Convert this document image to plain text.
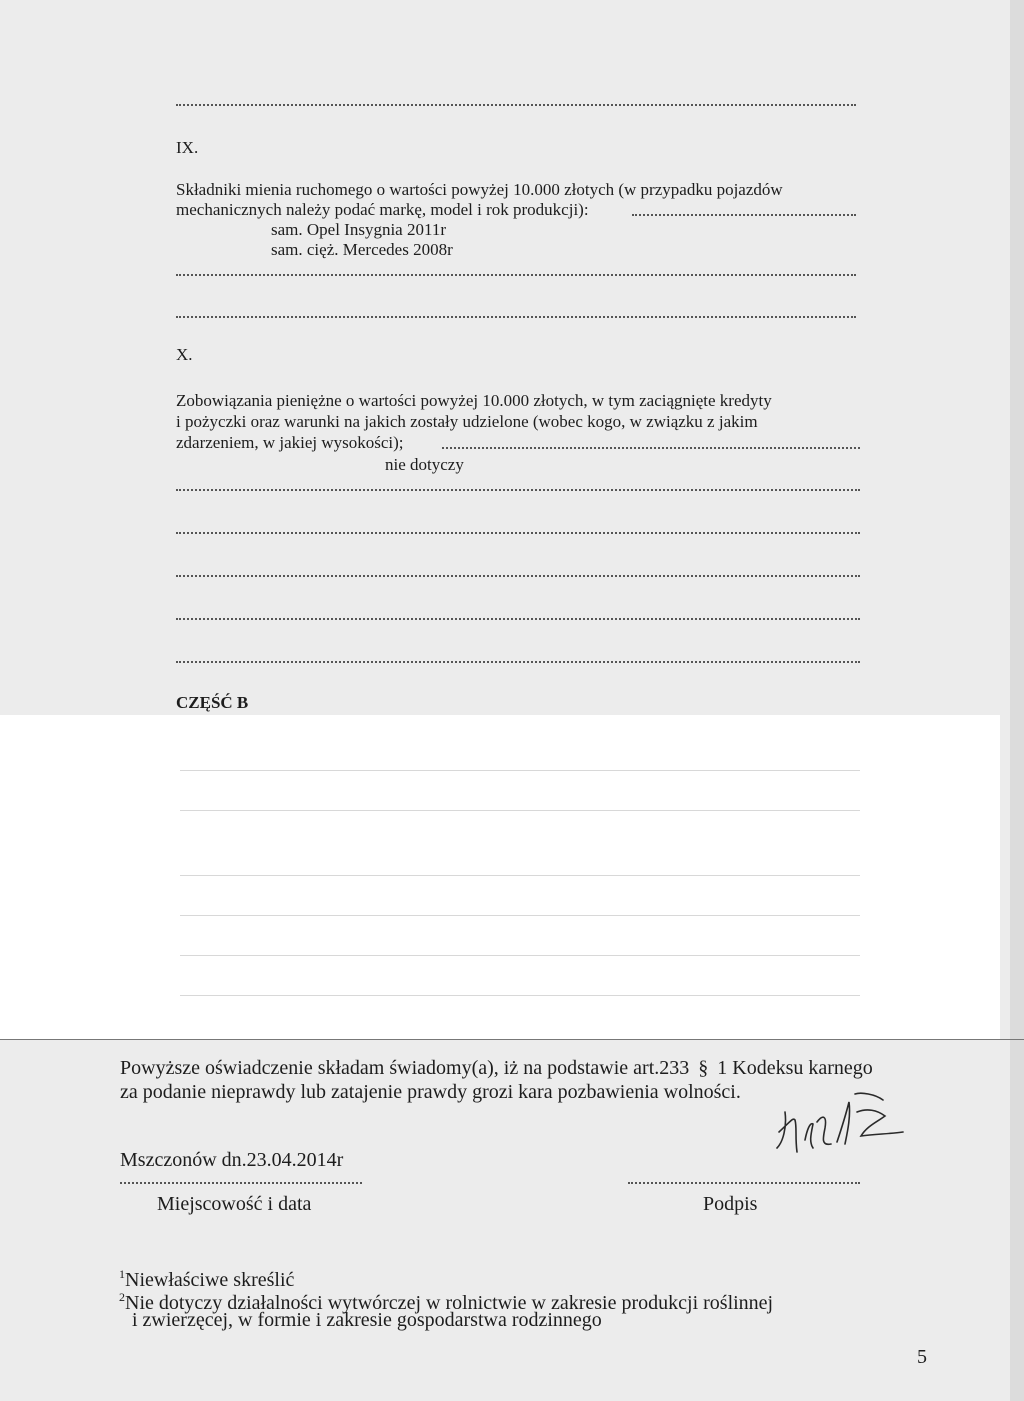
IX.
Składniki mienia ruchomego o wartości powyżej 10.000 złotych (w przypadku pojazdów
mechanicznych należy podać markę, model i rok produkcji):
sam. Opel Insygnia 2011r
sam. cięż. Mercedes 2008r
X.
Zobowiązania pieniężne o wartości powyżej 10.000 złotych, w tym zaciągnięte kredyty
i pożyczki oraz warunki na jakich zostały udzielone (wobec kogo, w związku z jakim
zdarzeniem, w jakiej wysokości);
nie dotyczy
CZĘŚĆ B
Powyższe oświadczenie składam świadomy(a), iż na podstawie art.233 § 1 Kodeksu karnego
za podanie nieprawdy lub zatajenie prawdy grozi kara pozbawienia wolności.
Mszczonów dn.23.04.2014r
Miejscowość i data	Podpis
$^1$Niewłaściwe skreślić
$^2$Nie dotyczy działalności wytwórczej w rolnictwie w zakresie produkcji roślinnej
i zwierzęcej, w formie i zakresie gospodarstwa rodzinnego
5
